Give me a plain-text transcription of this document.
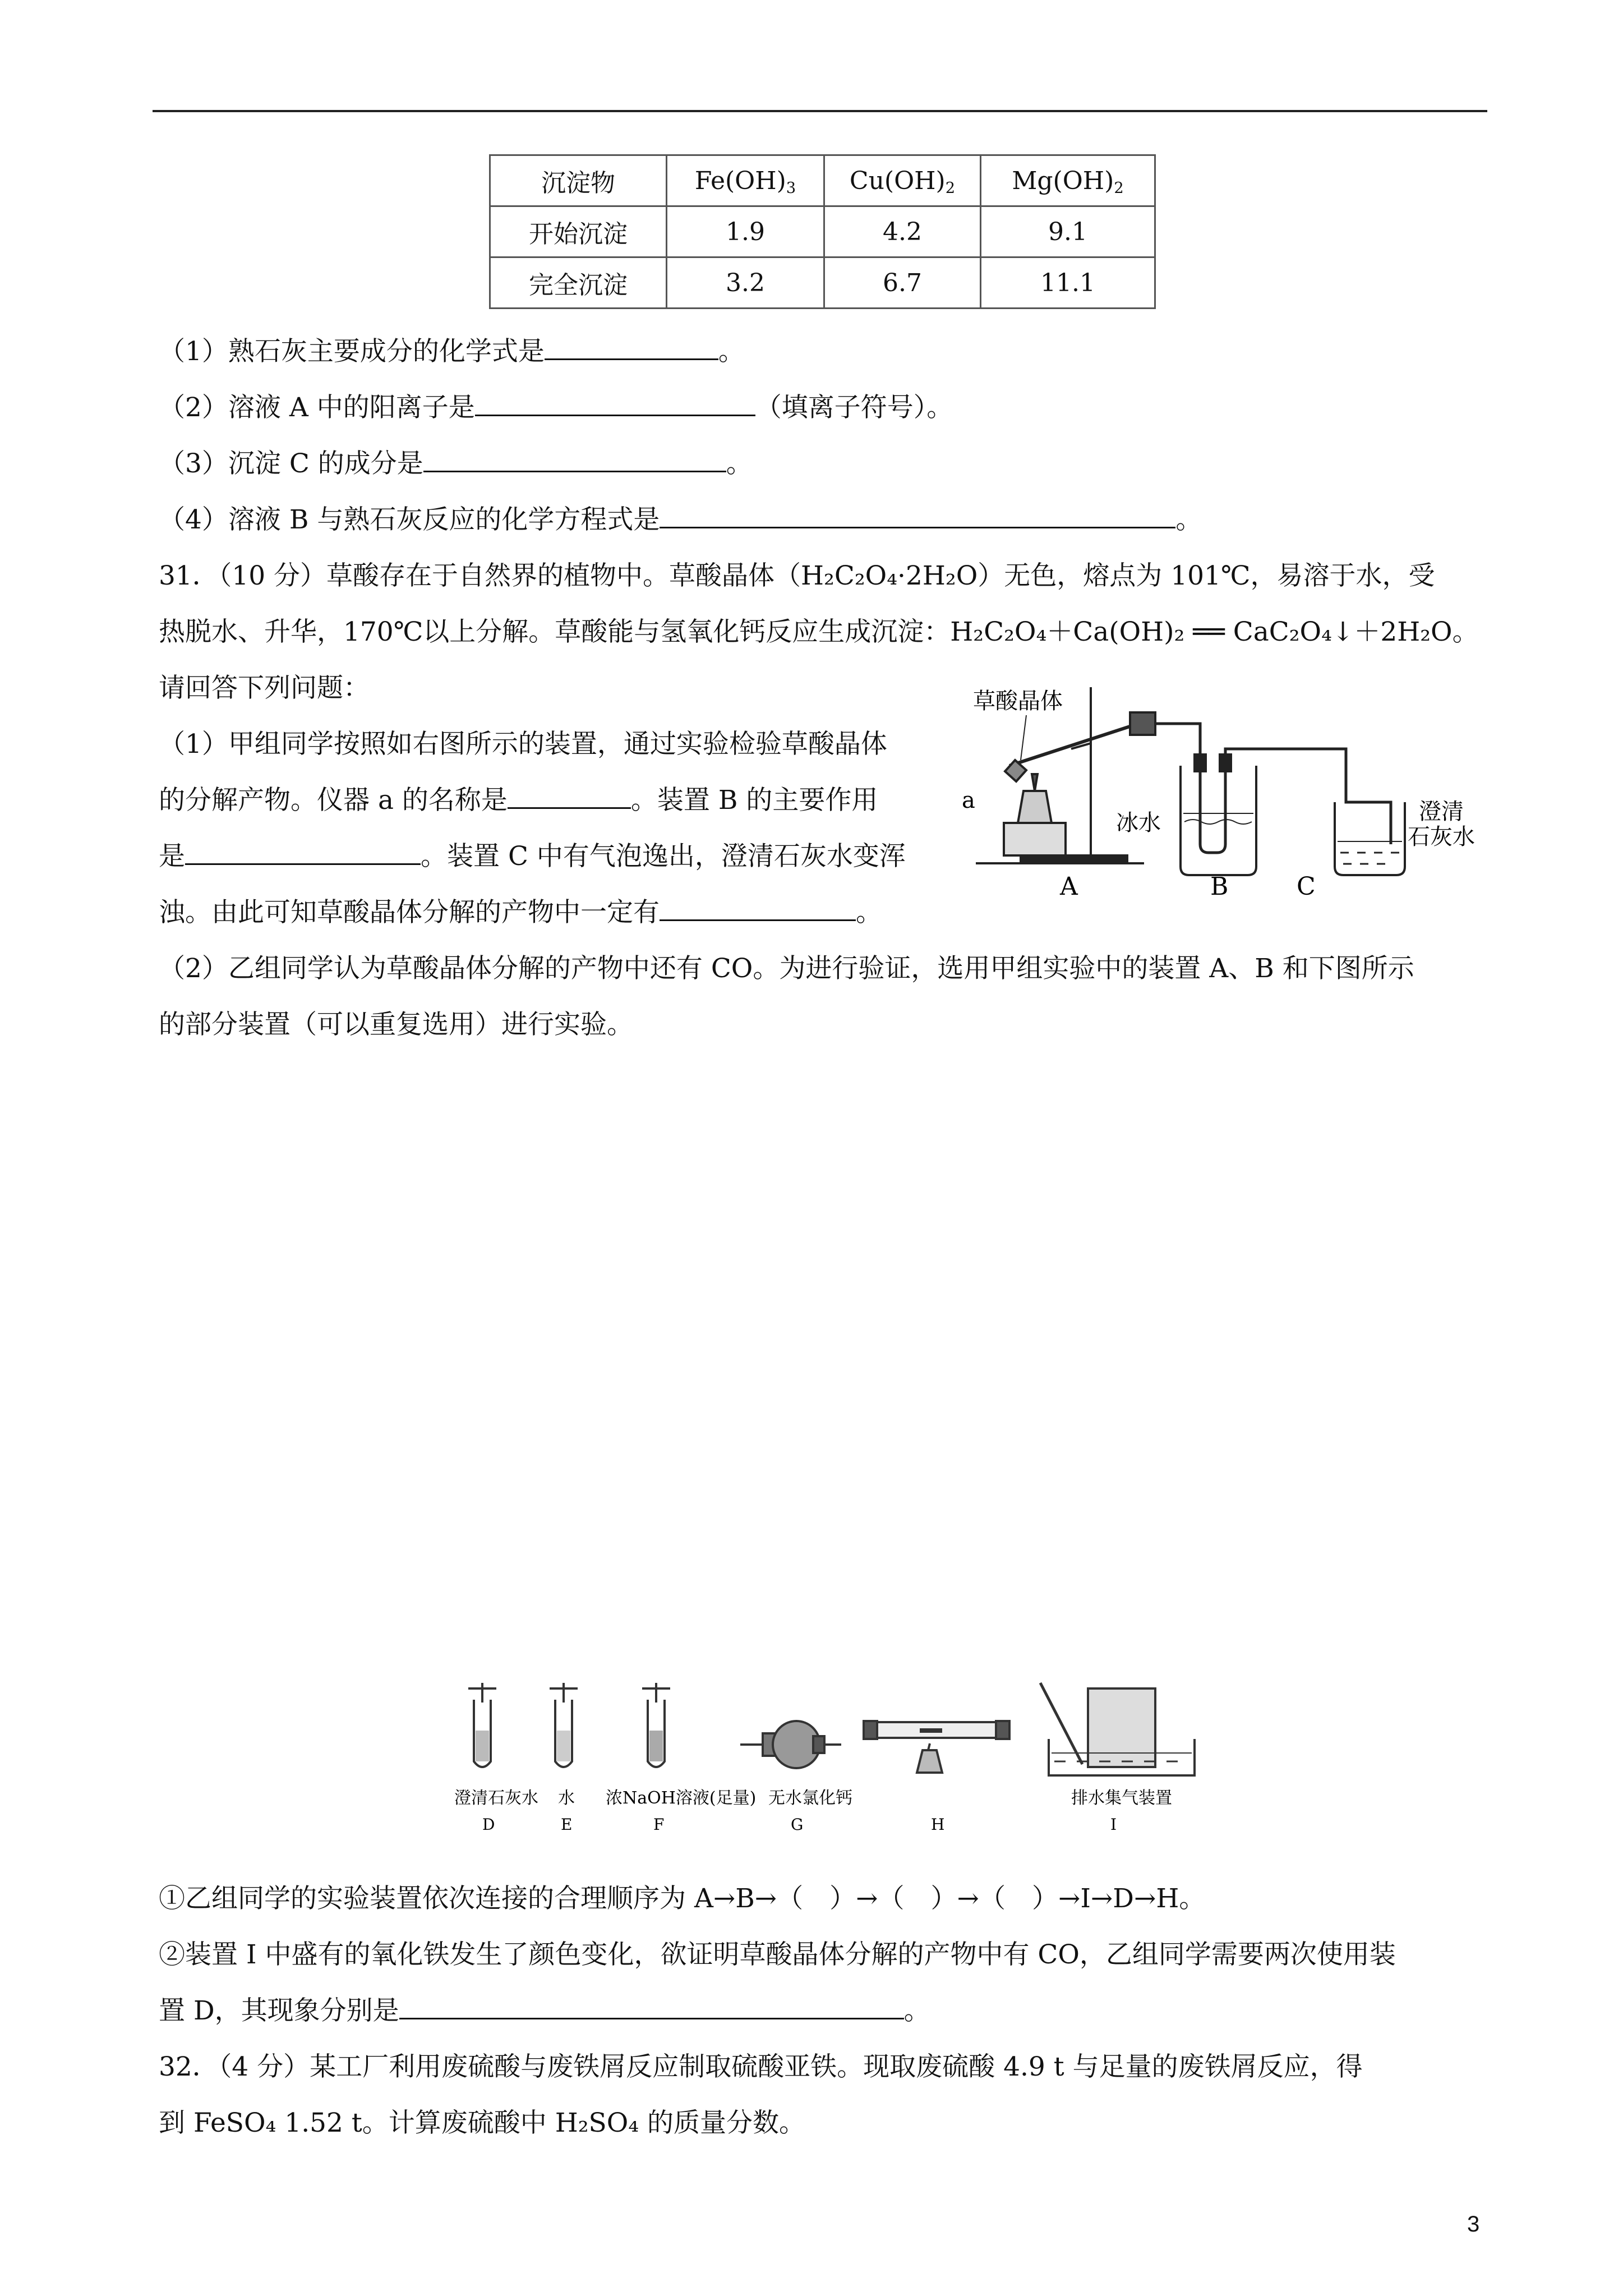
沉淀物	$Fe(OH)_3$	$Cu(OH)_2$	$Mg(OH)_2$
开始沉淀	1.9	4.2	9.1
完全沉淀	3.2	6.7	11.1
（1）熟石灰主要成分的化学式是	。
（2）溶液 A 中的阳离子是	（填离子符号）。
（3）沉淀 C 的成分是	。
（4）溶液 B 与熟石灰反应的化学方程式是	。
31．（10 分）草酸存在于自然界的植物中。草酸晶体（H₂C₂O₄·2H₂O）无色，熔点为 101℃，易溶于水，受
热脱水、升华，170℃以上分解。草酸能与氢氧化钙反应生成沉淀：H₂C₂O₄＋Ca(OH)₂ ══ CaC₂O₄↓＋2H₂O。
请回答下列问题：
（1）甲组同学按照如右图所示的装置，通过实验检验草酸晶体
的分解产物。仪器 a 的名称是	。装置 B 的主要作用
是	。装置 C 中有气泡逸出，澄清石灰水变浑
浊。由此可知草酸晶体分解的产物中一定有	。
（2）乙组同学认为草酸晶体分解的产物中还有 CO。为进行验证，选用甲组实验中的装置 A、B 和下图所示
的部分装置（可以重复选用）进行实验。
草酸晶体
a
冰水	澄清
石灰水
A	B	C
澄清石灰水 水 浓NaOH溶液(足量) 无水氯化钙	排水集气装置
D	E	F	G	H	I
①乙组同学的实验装置依次连接的合理顺序为 A→B→（　）→（　）→（　）→I→D→H。
②装置 I 中盛有的氧化铁发生了颜色变化，欲证明草酸晶体分解的产物中有 CO，乙组同学需要两次使用装
置 D，其现象分别是	。
32．（4 分）某工厂利用废硫酸与废铁屑反应制取硫酸亚铁。现取废硫酸 4.9 t 与足量的废铁屑反应，得
到 FeSO₄ 1.52 t。计算废硫酸中 H₂SO₄ 的质量分数。
3
